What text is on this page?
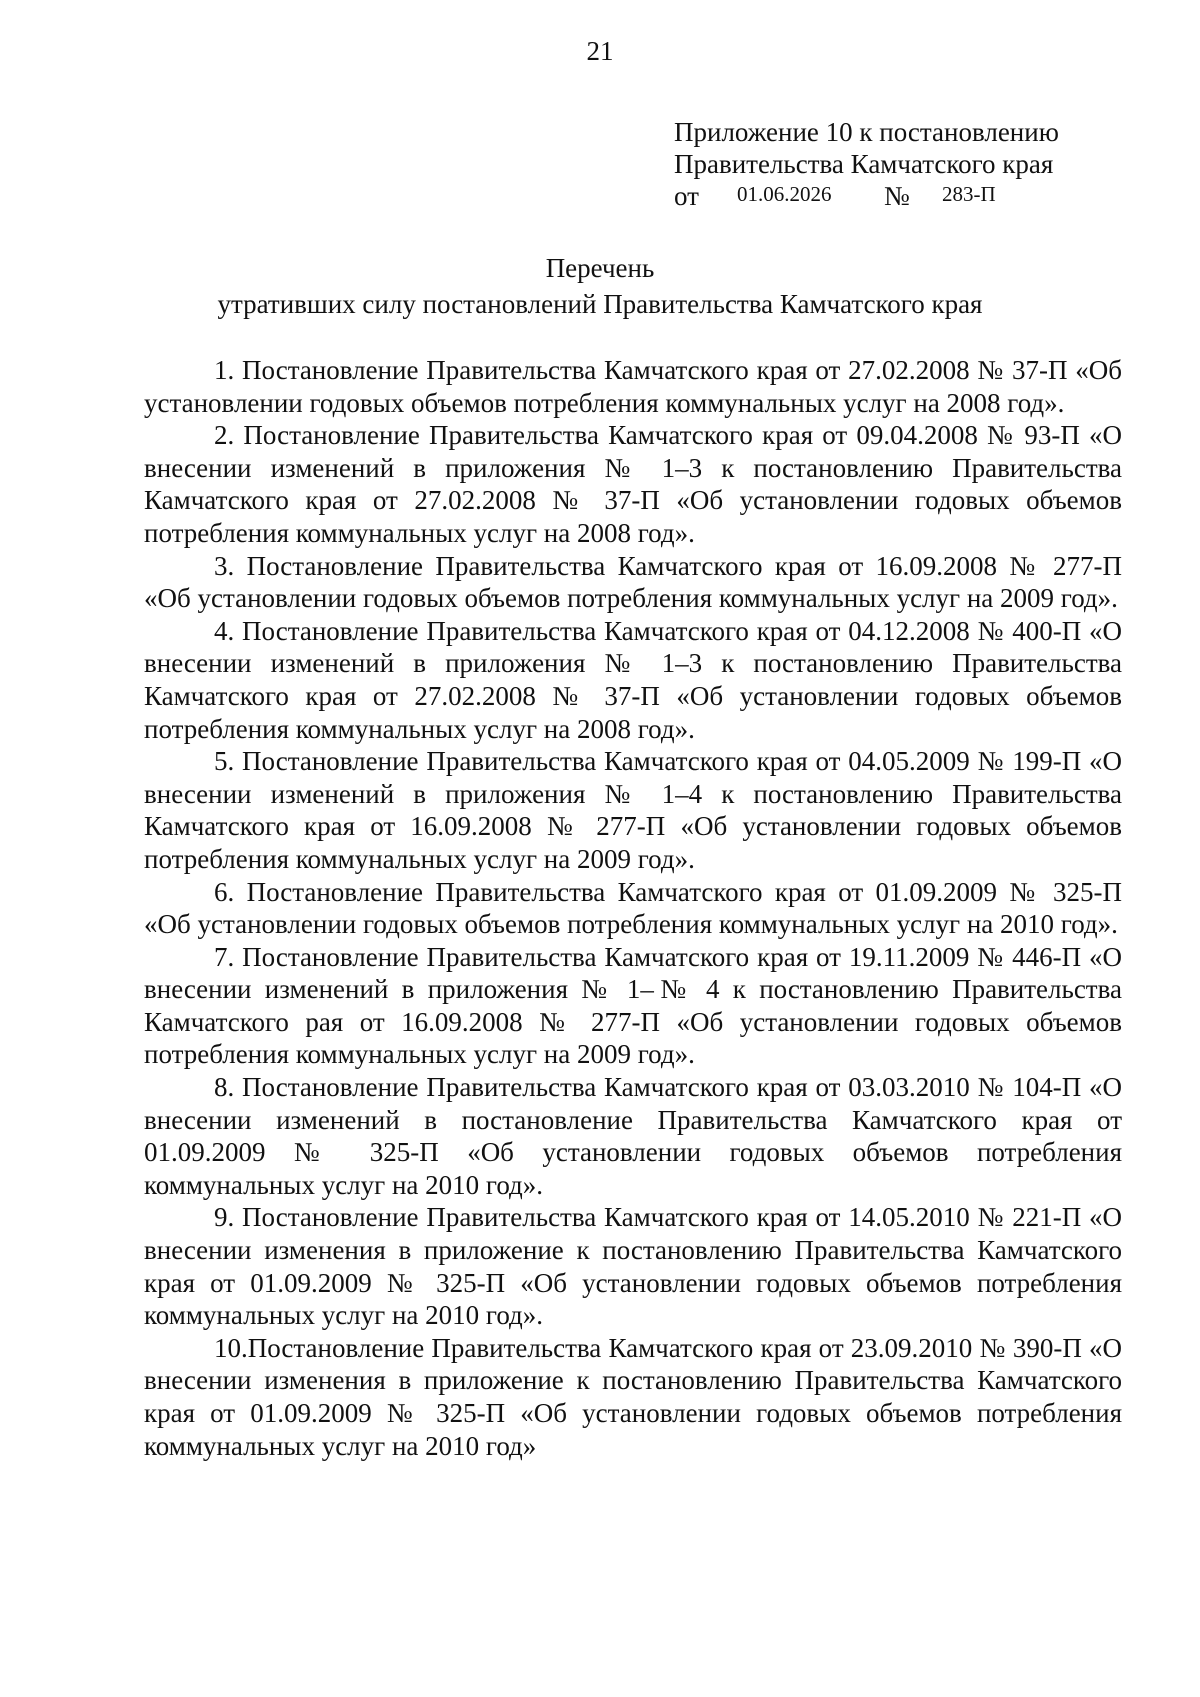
21
Приложение 10 к постановлению
Правительства Камчатского края
от 01.06.2026 № 283-П
Перечень
утративших силу постановлений Правительства Камчатского края

1. Постановление Правительства Камчатского края от 27.02.2008 № 37-П «Об установлении годовых объемов потребления коммунальных услуг на 2008 год».

2. Постановление Правительства Камчатского края от 09.04.2008 № 93-П «О внесении изменений в приложения № 1–3 к постановлению Правительства Камчатского края от 27.02.2008 № 37-П «Об установлении годовых объемов потребления коммунальных услуг на 2008 год».

3. Постановление Правительства Камчатского края от 16.09.2008 № 277-П «Об установлении годовых объемов потребления коммунальных услуг на 2009 год».

4. Постановление Правительства Камчатского края от 04.12.2008 № 400-П «О внесении изменений в приложения № 1–3 к постановлению Правительства Камчатского края от 27.02.2008 № 37-П «Об установлении годовых объемов потребления коммунальных услуг на 2008 год».

5. Постановление Правительства Камчатского края от 04.05.2009 № 199-П «О внесении изменений в приложения № 1–4 к постановлению Правительства Камчатского края от 16.09.2008 № 277-П «Об установлении годовых объемов потребления коммунальных услуг на 2009 год».

6. Постановление Правительства Камчатского края от 01.09.2009 № 325-П «Об установлении годовых объемов потребления коммунальных услуг на 2010 год».

7. Постановление Правительства Камчатского края от 19.11.2009 № 446-П «О внесении изменений в приложения № 1–№ 4 к постановлению Правительства Камчатского рая от 16.09.2008 № 277-П «Об установлении годовых объемов потребления коммунальных услуг на 2009 год».

8. Постановление Правительства Камчатского края от 03.03.2010 № 104-П «О внесении изменений в постановление Правительства Камчатского края от 01.09.2009 № 325-П «Об установлении годовых объемов потребления коммунальных услуг на 2010 год».

9. Постановление Правительства Камчатского края от 14.05.2010 № 221-П «О внесении изменения в приложение к постановлению Правительства Камчатского края от 01.09.2009 № 325-П «Об установлении годовых объемов потребления коммунальных услуг на 2010 год».

10.Постановление Правительства Камчатского края от 23.09.2010 № 390-П «О внесении изменения в приложение к постановлению Правительства Камчатского края от 01.09.2009 № 325-П «Об установлении годовых объемов потребления коммунальных услуг на 2010 год»
